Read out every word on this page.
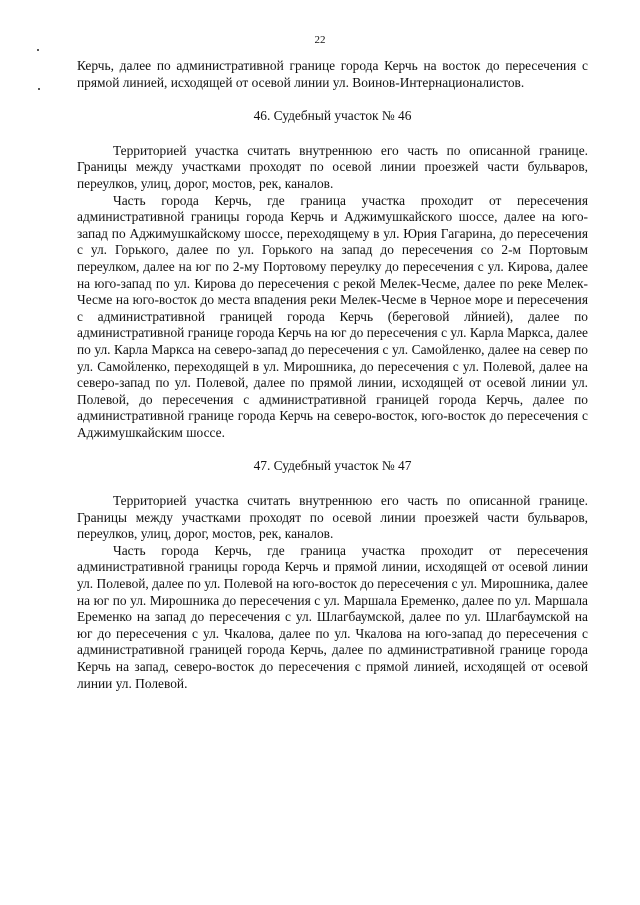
22

Керчь, далее по административной границе города Керчь на восток до пересечения с прямой линией, исходящей от осевой линии ул. Воинов-Интернационалистов.

46. Судебный участок № 46

Территорией участка считать внутреннюю его часть по описанной границе. Границы между участками проходят по осевой линии проезжей части бульваров, переулков, улиц, дорог, мостов, рек, каналов.

Часть города Керчь, где граница участка проходит от пересечения административной границы города Керчь и Аджимушкайского шоссе, далее на юго-запад по Аджимушкайскому шоссе, переходящему в ул. Юрия Гагарина, до пересечения с ул. Горького, далее по ул. Горького на запад до пересечения со 2-м Портовым переулком, далее на юг по 2-му Портовому переулку до пересечения с ул. Кирова, далее на юго-запад по ул. Кирова до пересечения с рекой Мелек-Чесме, далее по реке Мелек-Чесме на юго-восток до места впадения реки Мелек-Чесме в Черное море и пересечения с административной границей города Керчь (береговой лйнией), далее по административной границе города Керчь на юг до пересечения с ул. Карла Маркса, далее по ул. Карла Маркса на северо-запад до пересечения с ул. Самойленко, далее на север по ул. Самойленко, переходящей в ул. Мирошника, до пересечения с ул. Полевой, далее на северо-запад по ул. Полевой, далее по прямой линии, исходящей от осевой линии ул. Полевой, до пересечения с административной границей города Керчь, далее по административной границе города Керчь на северо-восток, юго-восток до пересечения с Аджимушкайским шоссе.

47. Судебный участок № 47

Территорией участка считать внутреннюю его часть по описанной границе. Границы между участками проходят по осевой линии проезжей части бульваров, переулков, улиц, дорог, мостов, рек, каналов.

Часть города Керчь, где граница участка проходит от пересечения административной границы города Керчь и прямой линии, исходящей от осевой линии ул. Полевой, далее по ул. Полевой на юго-восток до пересечения с ул. Мирошника, далее на юг по ул. Мирошника до пересечения с ул. Маршала Еременко, далее по ул. Маршала Еременко на запад до пересечения с ул. Шлагбаумской, далее по ул. Шлагбаумской на юг до пересечения с ул. Чкалова, далее по ул. Чкалова на юго-запад до пересечения с административной границей города Керчь, далее по административной границе города Керчь на запад, северо-восток до пересечения с прямой линией, исходящей от осевой линии ул. Полевой.
